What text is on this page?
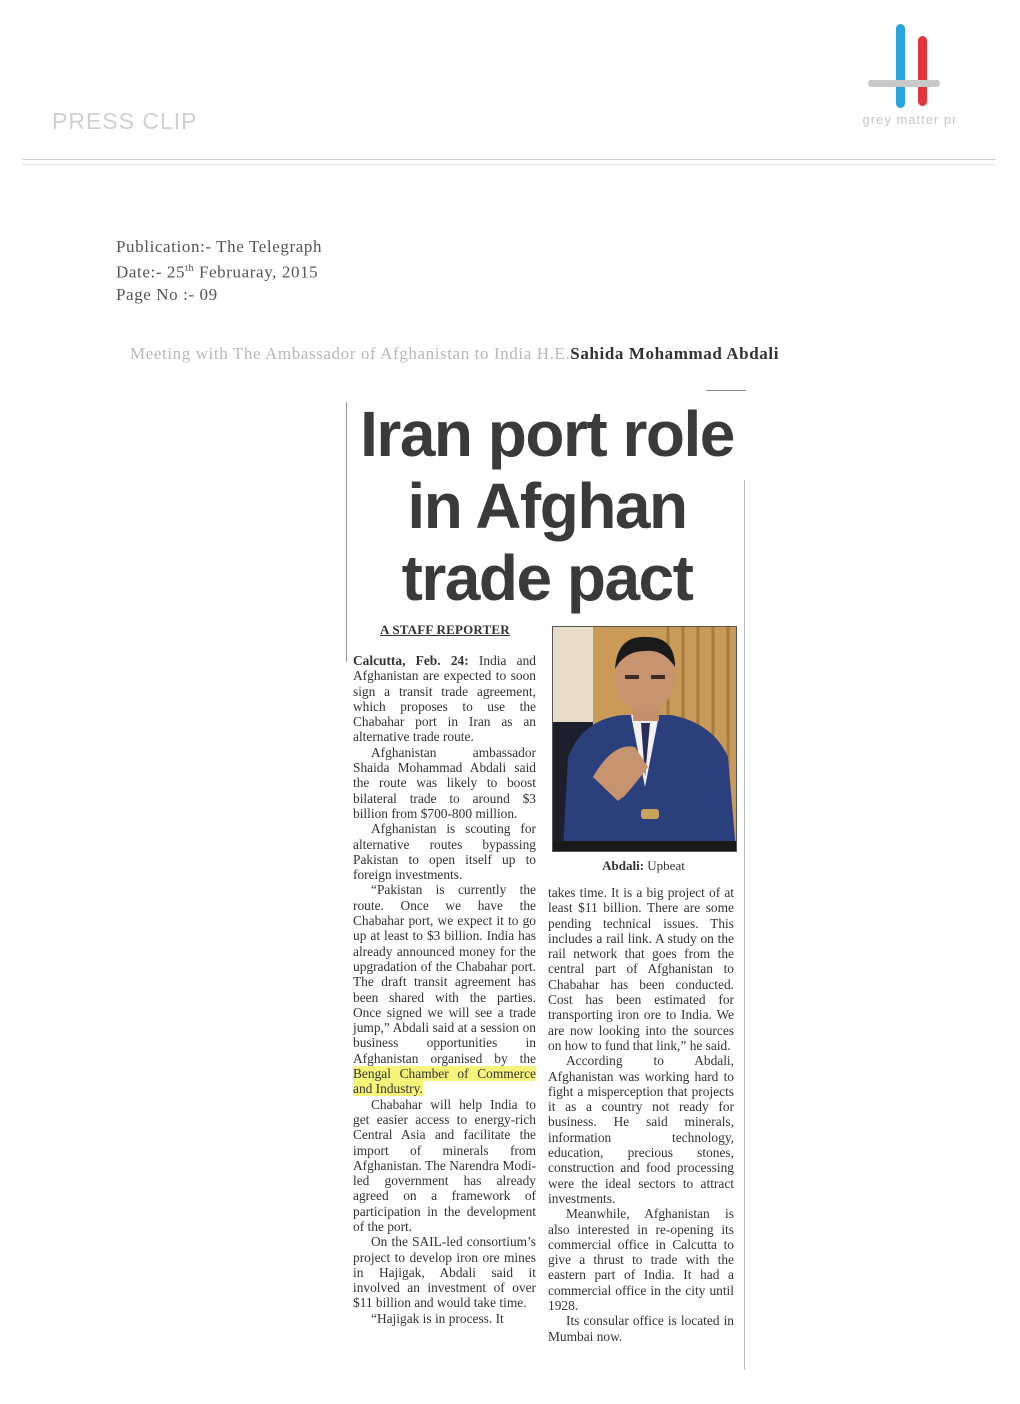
PRESS CLIP	grey matter pr
Publication:- The Telegraph
Date:- 25th Februaray, 2015
Page No :- 09
Meeting with The Ambassador of Afghanistan to India H.E.Sahida Mohammad Abdali
Iran port role
in Afghan
trade pact
A STAFF REPORTER
Abdali: Upbeat

Calcutta, Feb. 24: India and Afghanistan are expected to soon sign a transit trade agreement, which proposes to use the Chabahar port in Iran as an alternative trade route.

Afghanistan ambassador Shaida Mohammad Abdali said the route was likely to boost bilateral trade to around $3 billion from $700-800 million.

Afghanistan is scouting for alternative routes bypassing Pakistan to open itself up to foreign investments.

“Pakistan is currently the route. Once we have the Chabahar port, we expect it to go up at least to $3 billion. India has already announced money for the upgradation of the Chabahar port. The draft transit agreement has been shared with the parties. Once signed we will see a trade jump,” Abdali said at a session on business opportunities in Afghanistan organised by the Bengal Chamber of Commerce and Industry.

Chabahar will help India to get easier access to energy-rich Central Asia and facilitate the import of minerals from Afghanistan. The Narendra Modi-led government has already agreed on a framework of participation in the development of the port.

On the SAIL-led consortium’s project to develop iron ore mines in Hajigak, Abdali said it involved an investment of over $11 billion and would take time.

“Hajigak is in process. It

takes time. It is a big project of at least $11 billion. There are some pending technical issues. This includes a rail link. A study on the rail network that goes from the central part of Afghanistan to Chabahar has been conducted. Cost has been estimated for transporting iron ore to India. We are now looking into the sources on how to fund that link,” he said.

According to Abdali, Afghanistan was working hard to fight a misperception that projects it as a country not ready for business. He said minerals, information technology, education, precious stones, construction and food processing were the ideal sectors to attract investments.

Meanwhile, Afghanistan is also interested in re-opening its commercial office in Calcutta to give a thrust to trade with the eastern part of India. It had a commercial office in the city until 1928.

Its consular office is located in Mumbai now.
